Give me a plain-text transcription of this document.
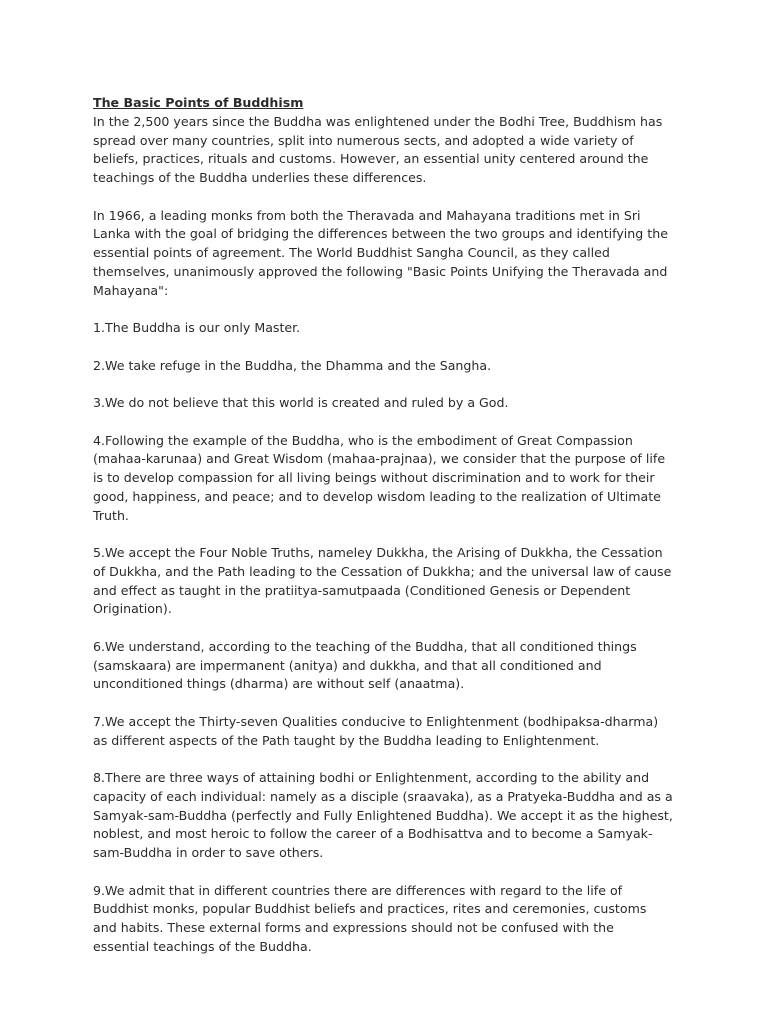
The Basic Points of Buddhism

In the 2,500 years since the Buddha was enlightened under the Bodhi Tree, Buddhism has spread over many countries, split into numerous sects, and adopted a wide variety of beliefs, practices, rituals and customs. However, an essential unity centered around the teachings of the Buddha underlies these differences.

In 1966, a leading monks from both the Theravada and Mahayana traditions met in Sri Lanka with the goal of bridging the differences between the two groups and identifying the essential points of agreement. The World Buddhist Sangha Council, as they called themselves, unanimously approved the following "Basic Points Unifying the Theravada and Mahayana":

1.The Buddha is our only Master.

2.We take refuge in the Buddha, the Dhamma and the Sangha.

3.We do not believe that this world is created and ruled by a God.

4.Following the example of the Buddha, who is the embodiment of Great Compassion (mahaa-karunaa) and Great Wisdom (mahaa-prajnaa), we consider that the purpose of life is to develop compassion for all living beings without discrimination and to work for their good, happiness, and peace; and to develop wisdom leading to the realization of Ultimate Truth.

5.We accept the Four Noble Truths, nameley Dukkha, the Arising of Dukkha, the Cessation of Dukkha, and the Path leading to the Cessation of Dukkha; and the universal law of cause and effect as taught in the pratiitya-samutpaada (Conditioned Genesis or Dependent Origination).

6.We understand, according to the teaching of the Buddha, that all conditioned things (samskaara) are impermanent (anitya) and dukkha, and that all conditioned and unconditioned things (dharma) are without self (anaatma).

7.We accept the Thirty-seven Qualities conducive to Enlightenment (bodhipaksa-dharma) as different aspects of the Path taught by the Buddha leading to Enlightenment.

8.There are three ways of attaining bodhi or Enlightenment, according to the ability and capacity of each individual: namely as a disciple (sraavaka), as a Pratyeka-Buddha and as a Samyak-sam-Buddha (perfectly and Fully Enlightened Buddha). We accept it as the highest, noblest, and most heroic to follow the career of a Bodhisattva and to become a Samyak-sam-Buddha in order to save others.

9.We admit that in different countries there are differences with regard to the life of Buddhist monks, popular Buddhist beliefs and practices, rites and ceremonies, customs and habits. These external forms and expressions should not be confused with the essential teachings of the Buddha.
